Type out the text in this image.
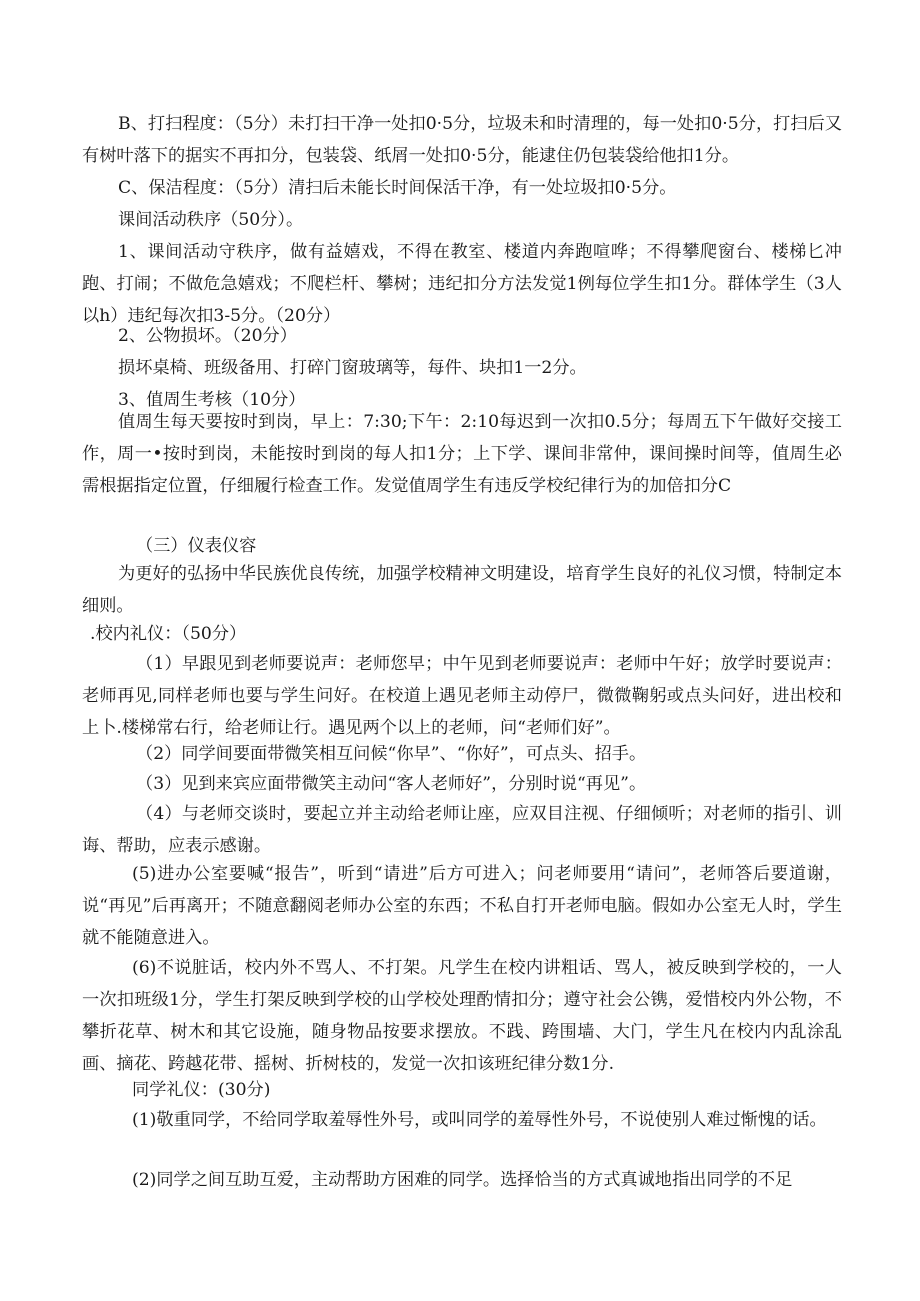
B、打扫程度：（5分）未打扫干净一处扣0·5分，垃圾未和时清理的，每一处扣0·5分，打扫后又有树叶落下的据实不再扣分，包装袋、纸屑一处扣0·5分，能逮住仍包装袋给他扣1分。

C、保洁程度：（5分）清扫后未能长时间保活干净，有一处垃圾扣0·5分。

课间活动秩序（50分）。

1、课间活动守秩序，做有益嬉戏，不得在教室、楼道内奔跑喧哗；不得攀爬窗台、楼梯匕冲跑、打闹；不做危急嬉戏；不爬栏杆、攀树；违纪扣分方法发觉1例每位学生扣1分。群体学生（3人以h）违纪每次扣3-5分。（20分）

2、公物损坏。（20分）

损坏桌椅、班级备用、打碎门窗玻璃等，每件、块扣1一2分。

3、值周生考核（10分）

值周生每天要按时到岗，早上：7:30;下午：2:10每迟到一次扣0.5分；每周五下午做好交接工作，周一•按时到岗，未能按时到岗的每人扣1分；上下学、课间非常仲，课间操时间等，值周生必需根据指定位置，仔细履行检查工作。发觉值周学生有违反学校纪律行为的加倍扣分C

（三）仪表仪容

为更好的弘扬中华民族优良传统，加强学校精神文明建设，培育学生良好的礼仪习惯，特制定本细则。

.校内礼仪：（50分）

（1）早跟见到老师要说声：老师您早；中午见到老师要说声：老师中午好；放学时要说声：老师再见,同样老师也要与学生问好。在校道上遇见老师主动停尸，微微鞠躬或点头问好，进出校和上卜.楼梯常右行，给老师让行。遇见两个以上的老师，问“老师们好”。

（2）同学间要面带微笑相互问候“你早”、“你好”，可点头、招手。

（3）见到来宾应面带微笑主动问“客人老师好”，分别时说“再见”。

（4）与老师交谈时，要起立并主动给老师让座，应双目注视、仔细倾听；对老师的指引、训诲、帮助，应表示感谢。

(5)进办公室要喊“报告”，听到“请进”后方可进入；问老师要用“请问”，老师答后要道谢，说“再见”后再离开；不随意翻阅老师办公室的东西；不私自打开老师电脑。假如办公室无人时，学生就不能随意进入。

(6)不说脏话，校内外不骂人、不打架。凡学生在校内讲粗话、骂人，被反映到学校的，一人一次扣班级1分，学生打架反映到学校的山学校处理酌情扣分；遵守社会公镌，爱惜校内外公物，不攀折花草、树木和其它设施，随身物品按要求摆放。不践、跨围墙、大门，学生凡在校内内乱涂乱画、摘花、跨越花带、摇树、折树枝的，发觉一次扣该班纪律分数1分.

同学礼仪：(30分)

(1)敬重同学，不给同学取羞辱性外号，或叫同学的羞辱性外号，不说使别人难过惭愧的话。

(2)同学之间互助互爱，主动帮助方困难的同学。选择恰当的方式真诚地指出同学的不足
